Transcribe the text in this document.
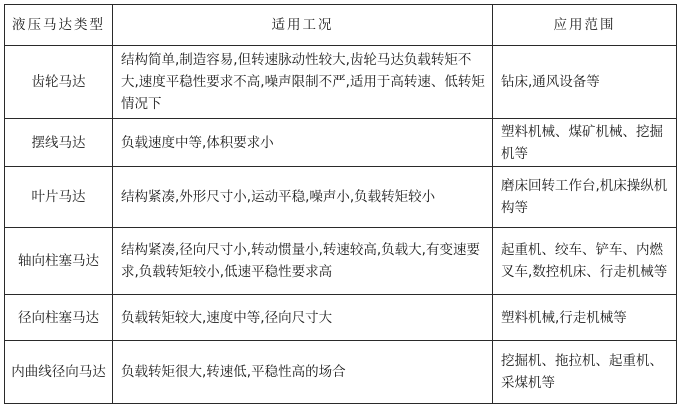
液压马达类型	适用工况	应用范围
齿轮马达	结构简单,制造容易,但转速脉动性较大,齿轮马达负载转矩不大,速度平稳性要求不高,噪声限制不严,适用于高转速、低转矩情况下	钻床,通风设备等
摆线马达	负载速度中等,体积要求小	塑料机械、煤矿机械、挖掘机等
叶片马达	结构紧凑,外形尺寸小,运动平稳,噪声小,负载转矩较小	磨床回转工作台,机床操纵机构等
轴向柱塞马达	结构紧凑,径向尺寸小,转动惯量小,转速较高,负载大,有变速要求,负载转矩较小,低速平稳性要求高	起重机、绞车、铲车、内燃叉车,数控机床、行走机械等
径向柱塞马达	负载转矩较大,速度中等,径向尺寸大	塑料机械,行走机械等
内曲线径向马达	负载转矩很大,转速低,平稳性高的场合	挖掘机、拖拉机、起重机、采煤机等
